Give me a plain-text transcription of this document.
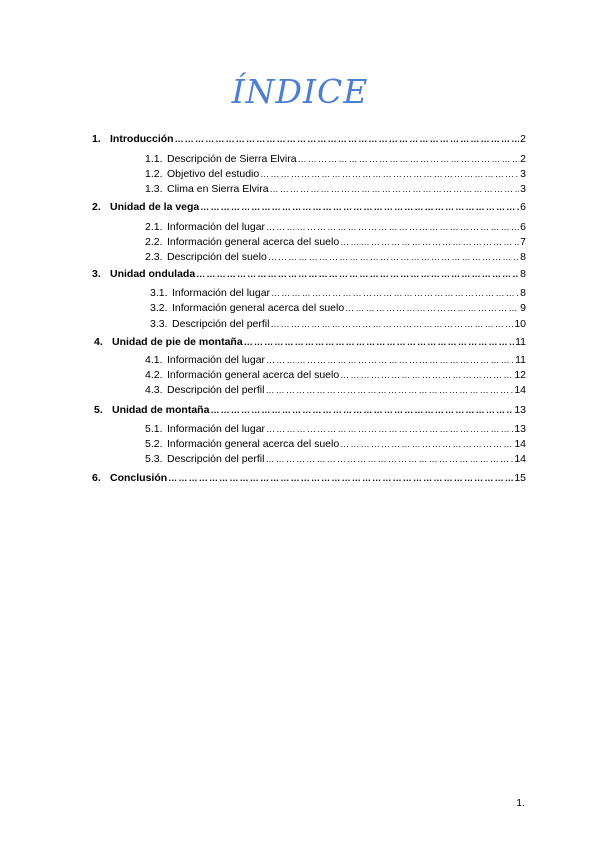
ÍNDICE
1. Introducción …………………………………………………………………………………………………………………………………………………………………………………………………………………………	2
1.1. Descripción de Sierra Elvira …………………………………………………………………………………………………………………………………………………………………………………………………………………………	2
1.2. Objetivo del estudio …………………………………………………………………………………………………………………………………………………………………………………………………………………………	3
1.3. Clima en Sierra Elvira …………………………………………………………………………………………………………………………………………………………………………………………………………………………	3
2. Unidad de la vega …………………………………………………………………………………………………………………………………………………………………………………………………………………………	6
2.1. Información del lugar …………………………………………………………………………………………………………………………………………………………………………………………………………………………	6
2.2. Información general acerca del suelo …………………………………………………………………………………………………………………………………………………………………………………………………………………………	7
2.3. Descripción del suelo …………………………………………………………………………………………………………………………………………………………………………………………………………………………	8
3. Unidad ondulada …………………………………………………………………………………………………………………………………………………………………………………………………………………………	8
3.1. Información del lugar …………………………………………………………………………………………………………………………………………………………………………………………………………………………	8
3.2. Información general acerca del suelo …………………………………………………………………………………………………………………………………………………………………………………………………………………………	9
3.3. Descripción del perfil …………………………………………………………………………………………………………………………………………………………………………………………………………………………	10
4. Unidad de pie de montaña …………………………………………………………………………………………………………………………………………………………………………………………………………………………	11
4.1. Información del lugar …………………………………………………………………………………………………………………………………………………………………………………………………………………………	11
4.2. Información general acerca del suelo …………………………………………………………………………………………………………………………………………………………………………………………………………………………	12
4.3. Descripción del perfil …………………………………………………………………………………………………………………………………………………………………………………………………………………………	14
5. Unidad de montaña …………………………………………………………………………………………………………………………………………………………………………………………………………………………	13
5.1. Información del lugar …………………………………………………………………………………………………………………………………………………………………………………………………………………………	13
5.2. Información general acerca del suelo …………………………………………………………………………………………………………………………………………………………………………………………………………………………	14
5.3. Descripción del perfil …………………………………………………………………………………………………………………………………………………………………………………………………………………………	14
6. Conclusión …………………………………………………………………………………………………………………………………………………………………………………………………………………………	15
1.
